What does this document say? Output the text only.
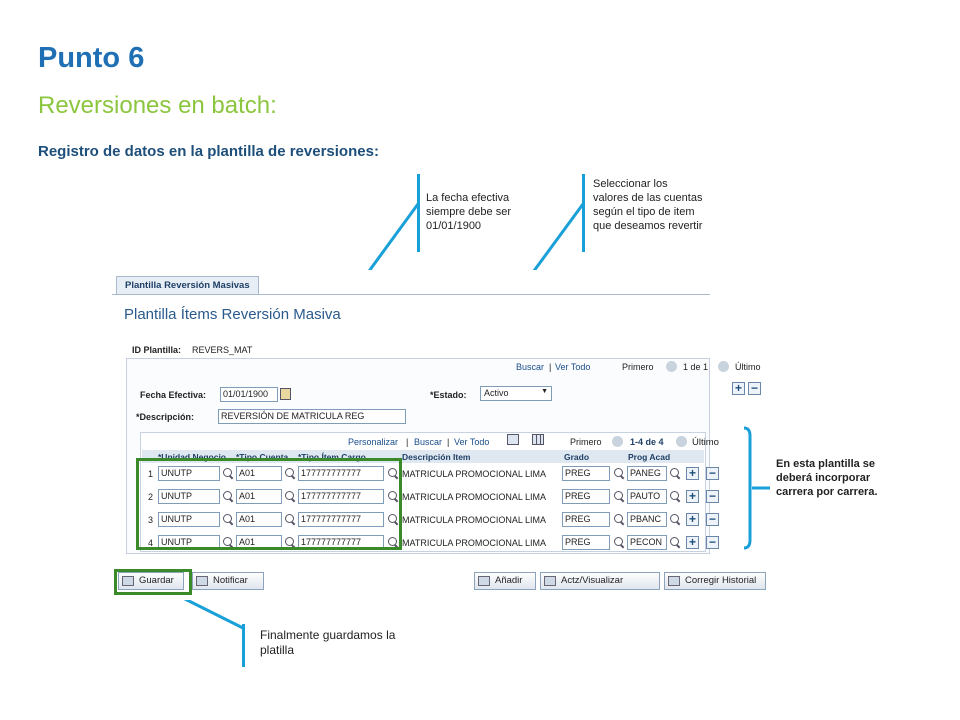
Punto 6
Reversiones en batch:
Registro de datos en la plantilla de reversiones:
La fecha efectiva siempre debe ser 01/01/1900
Seleccionar los valores de las cuentas según el tipo de item que deseamos revertir
En esta plantilla se deberá incorporar carrera por carrera.
Finalmente guardamos la platilla
Plantilla Reversión Masivas
Plantilla Ítems Reversión Masiva
ID Plantilla: REVERS_MAT
Buscar | Ver Todo	Primero	1 de 1
Fecha Efectiva:	01/01/1900	*Estado:	Activo	▼
*Descripción:	REVERSIÓN DE MATRICULA REG
Personalizar | Buscar | Ver Todo	Primero	1-4 de 4
*Unidad Negocio *Tipo Cuenta *Tipo Ítem Cargo	Descripción Item	Grado	Prog Acad
1 UNUTP	A01	177777777777	MATRICULA PROMOCIONAL LIMA	PREG	PANEG	+
2 UNUTP	A01	177777777777	MATRICULA PROMOCIONAL LIMA	PREG	PAUTO	+
3 UNUTP	A01	177777777777	MATRICULA PROMOCIONAL LIMA	PREG	PBANC	+
4 UNUTP	A01	177777777777	MATRICULA PROMOCIONAL LIMA	PREG	PECON	+
Guardar	Notificar	Añadir	Actz/Visualizar
Último
+ −
Último
Corregir Historial
−
−
−
−
